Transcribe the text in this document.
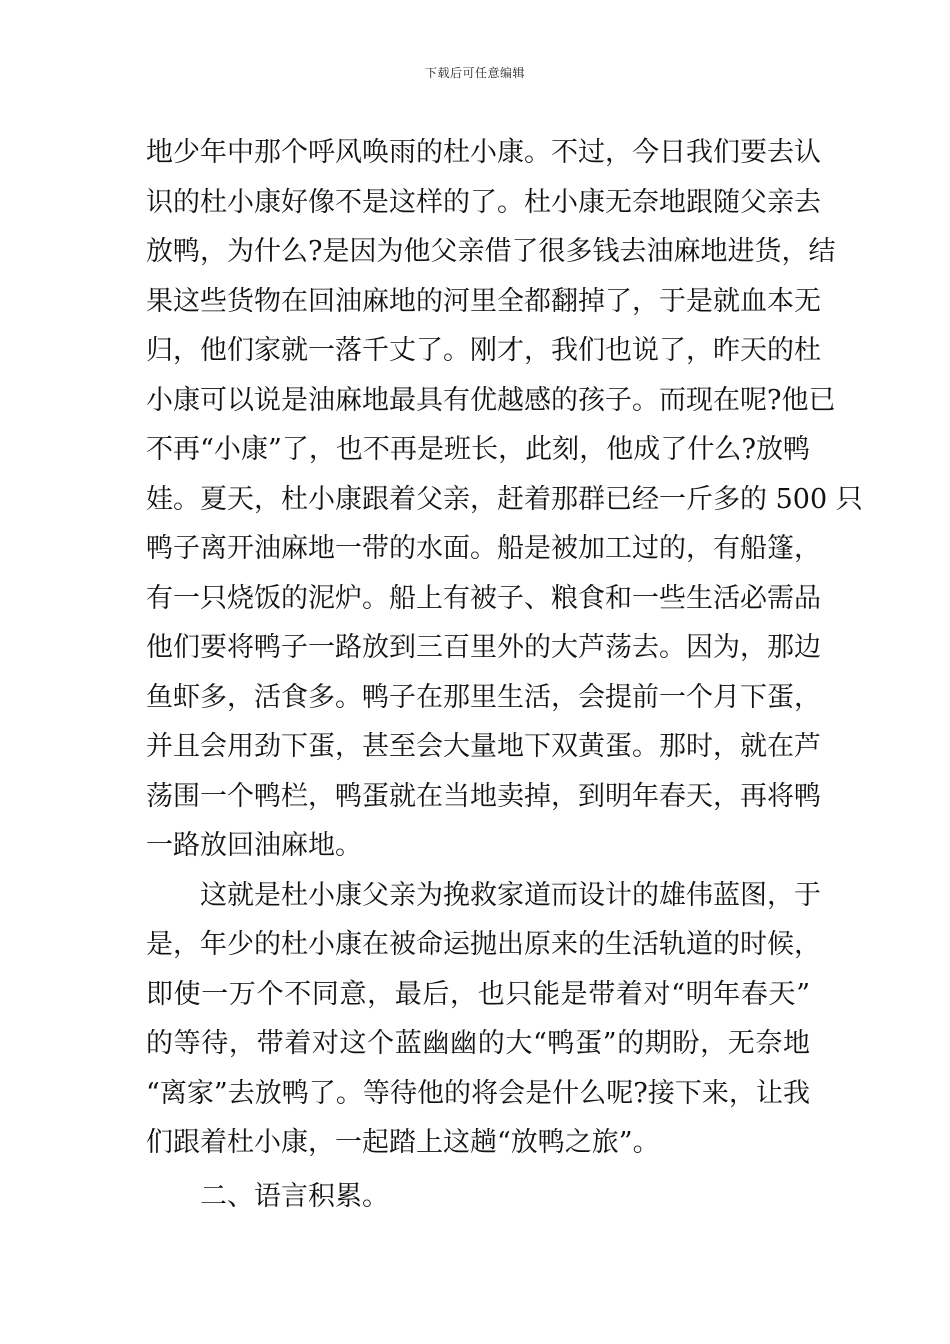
下载后可任意编辑
地少年中那个呼风唤雨的杜小康。不过，今日我们要去认
识的杜小康好像不是这样的了。杜小康无奈地跟随父亲去
放鸭，为什么?是因为他父亲借了很多钱去油麻地进货，结
果这些货物在回油麻地的河里全都翻掉了，于是就血本无
归，他们家就一落千丈了。刚才，我们也说了，昨天的杜
小康可以说是油麻地最具有优越感的孩子。而现在呢?他已
不再“小康”了，也不再是班长，此刻，他成了什么?放鸭
娃。夏天，杜小康跟着父亲，赶着那群已经一斤多的 500 只
鸭子离开油麻地一带的水面。船是被加工过的，有船篷，
有一只烧饭的泥炉。船上有被子、粮食和一些生活必需品
他们要将鸭子一路放到三百里外的大芦荡去。因为，那边
鱼虾多，活食多。鸭子在那里生活，会提前一个月下蛋，
并且会用劲下蛋，甚至会大量地下双黄蛋。那时，就在芦
荡围一个鸭栏，鸭蛋就在当地卖掉，到明年春天，再将鸭
一路放回油麻地。
这就是杜小康父亲为挽救家道而设计的雄伟蓝图，于
是，年少的杜小康在被命运抛出原来的生活轨道的时候，
即使一万个不同意，最后，也只能是带着对“明年春天”
的等待，带着对这个蓝幽幽的大“鸭蛋”的期盼，无奈地
“离家”去放鸭了。等待他的将会是什么呢?接下来，让我
们跟着杜小康，一起踏上这趟“放鸭之旅”。
二、语言积累。
